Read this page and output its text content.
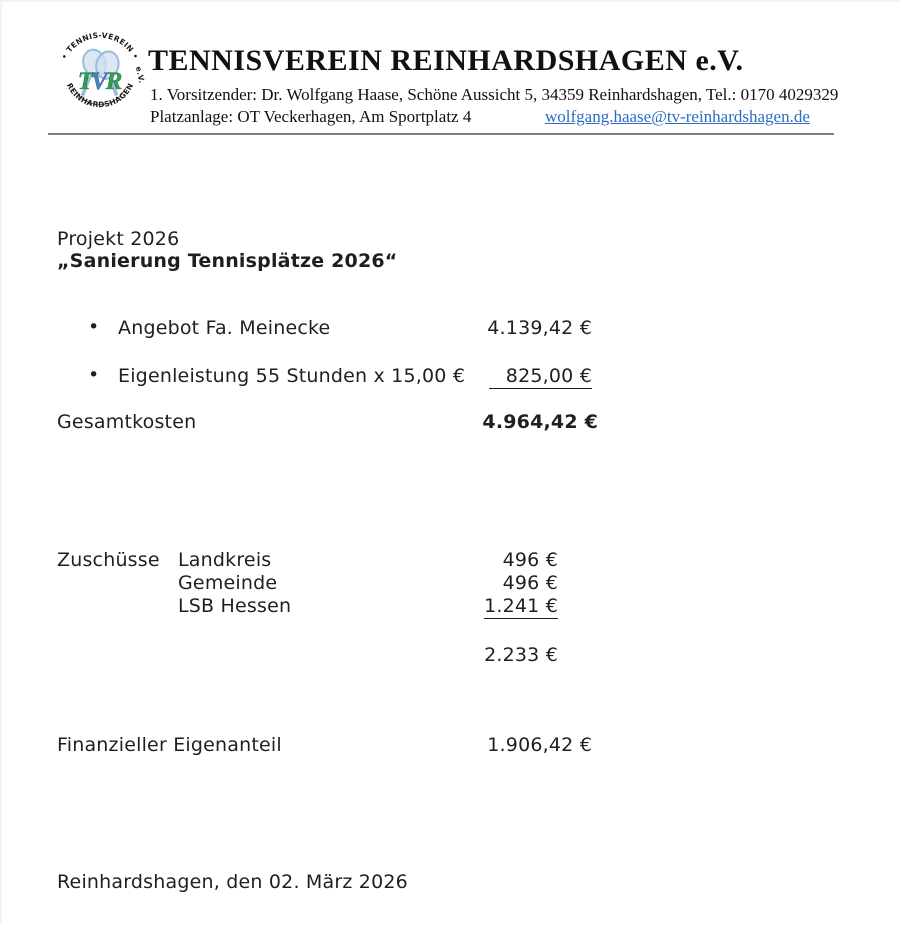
TVR
• TENNIS-VEREIN •
REINHARDSHAGEN
e.V. TENNISVEREIN REINHARDSHAGEN e.V.
1. Vorsitzender: Dr. Wolfgang Haase, Schöne Aussicht 5, 34359 Reinhardshagen, Tel.: 0170 4029329
Platzanlage: OT Veckerhagen, Am Sportplatz 4	wolfgang.haase@tv-reinhardshagen.de
Projekt 2026
„Sanierung Tennisplätze 2026“
• Angebot Fa. Meinecke	4.139,42 €
• Eigenleistung 55 Stunden x 15,00 €	825,00 €
Gesamtkosten	4.964,42 €
Zuschüsse Landkreis	496 €
Gemeinde	496 €
LSB Hessen	1.241 €
2.233 €
Finanzieller Eigenanteil	1.906,42 €
Reinhardshagen, den 02. März 2026
